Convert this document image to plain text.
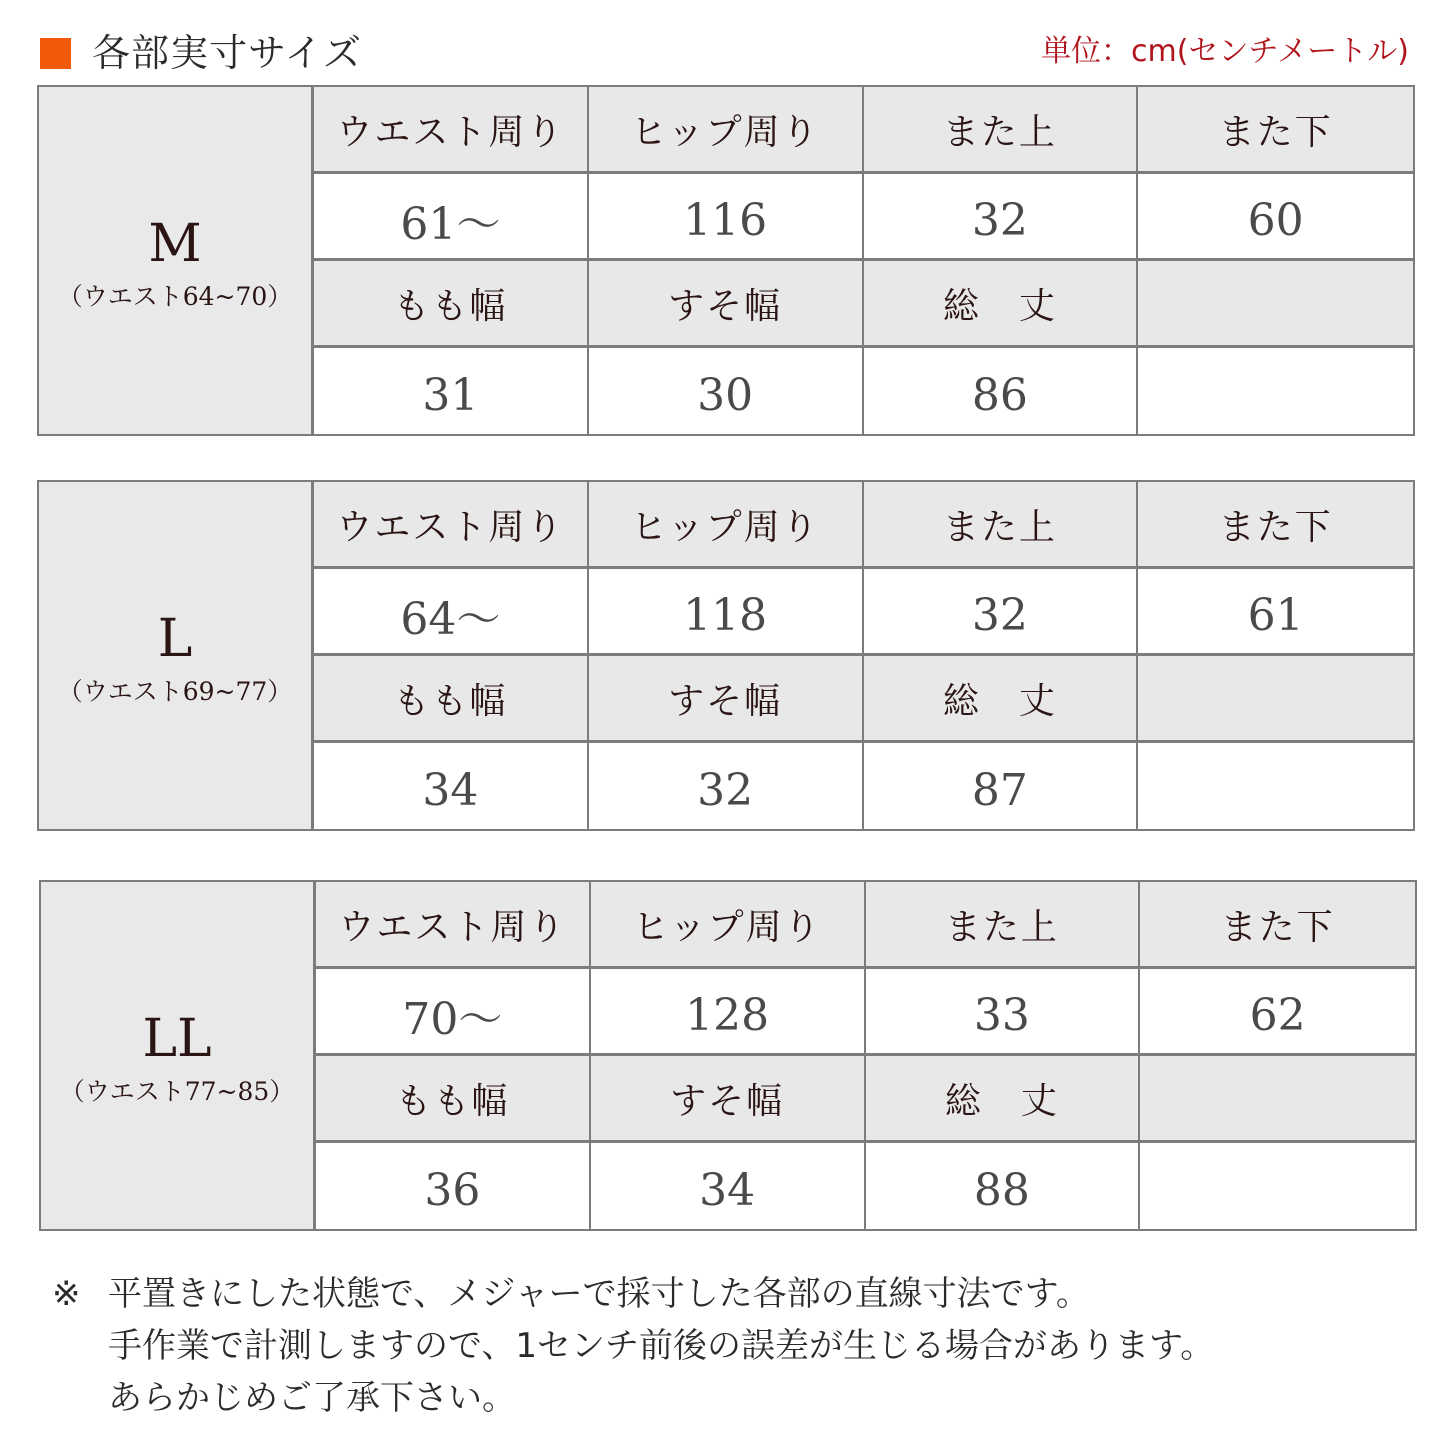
各部実寸サイズ	単位：cm(センチメートル)
M
（ウエスト64~70）
ウエスト周り ヒップ周り	また上	また下
61～	116	32	60
もも幅	すそ幅	総　丈
31	30	86
L
（ウエスト69~77）
ウエスト周り ヒップ周り	また上	また下
64～	118	32	61
もも幅	すそ幅	総　丈
34	32	87
LL
（ウエスト77~85）
ウエスト周り ヒップ周り	また上	また下
70～	128	33	62
もも幅	すそ幅	総　丈
36	34	88
※ 平置きにした状態で、メジャーで採寸した各部の直線寸法です。
手作業で計測しますので、1センチ前後の誤差が生じる場合があります。
あらかじめご了承下さい。
